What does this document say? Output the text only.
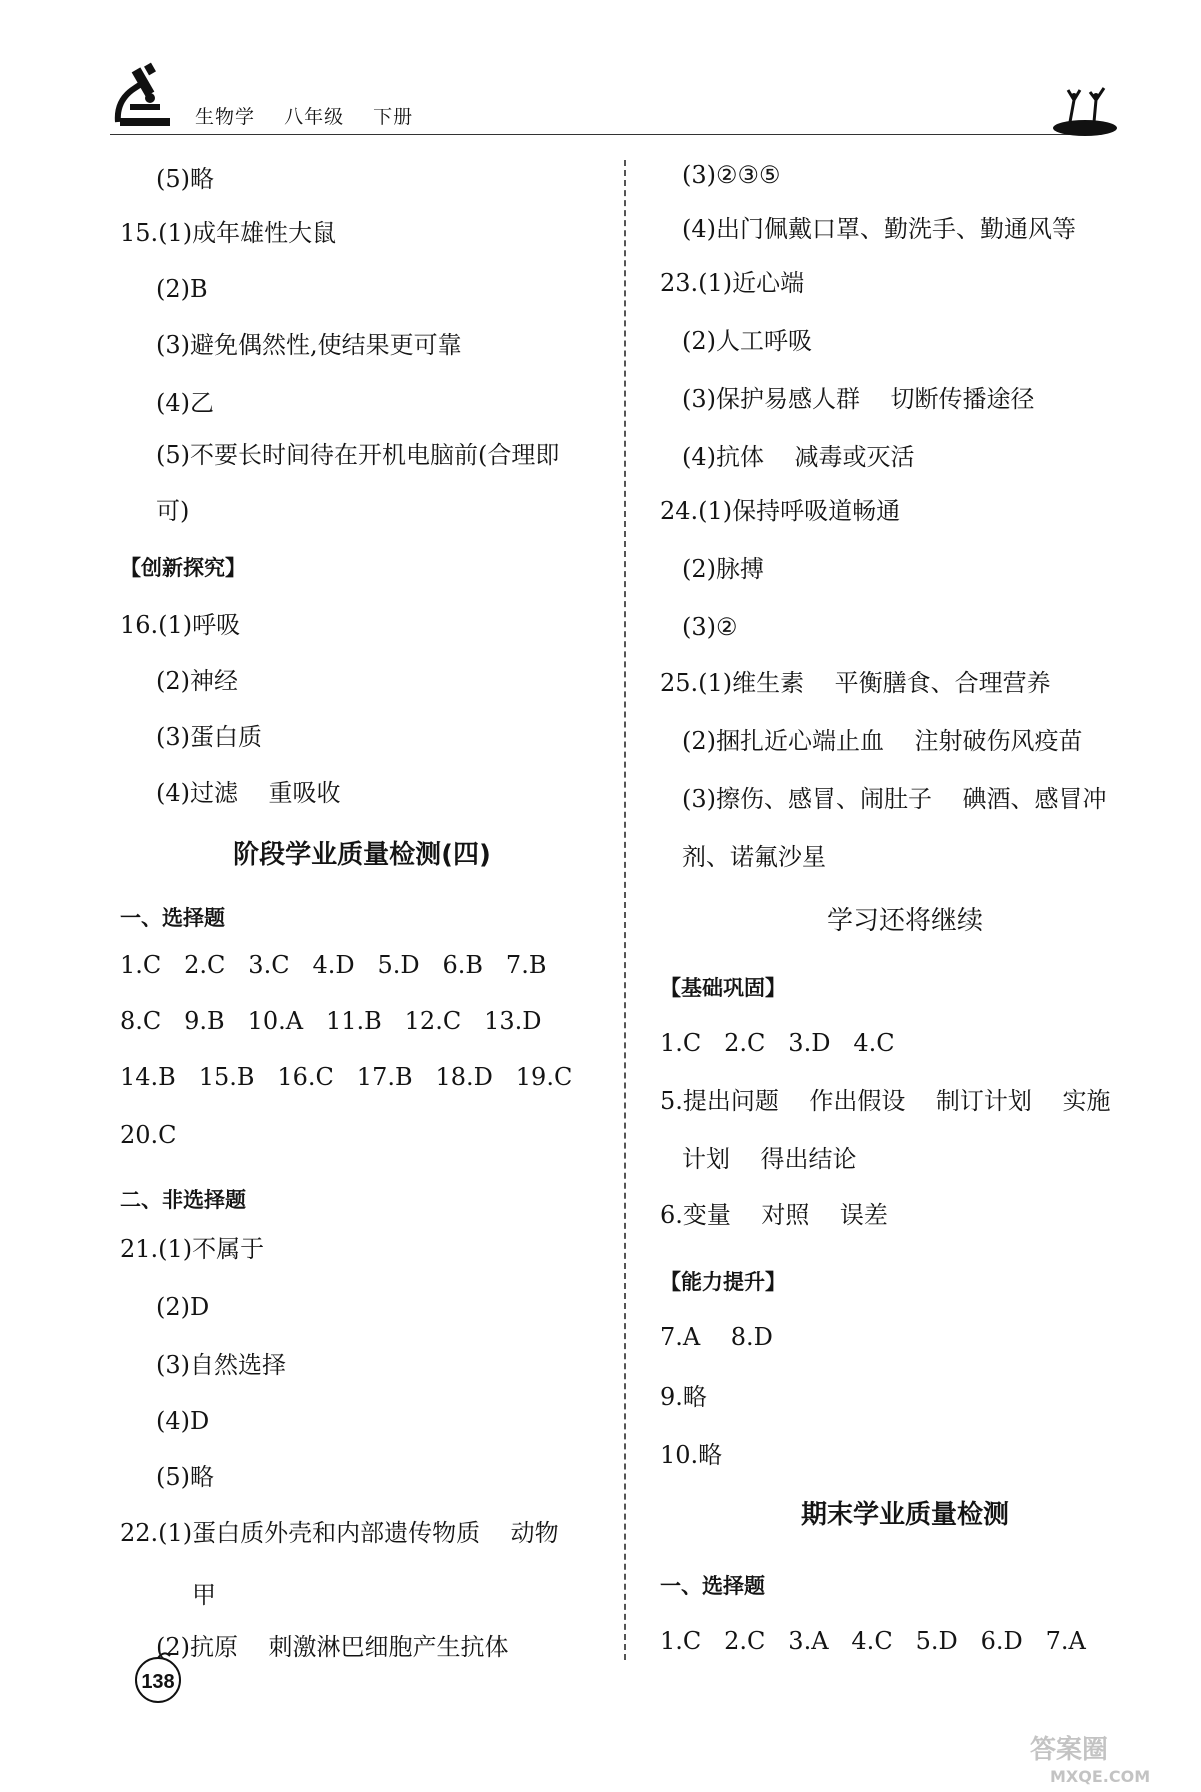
生物学 八年级 下册
(5)略
15.(1)成年雄性大鼠
(2)B
(3)避免偶然性,使结果更可靠
(4)乙
(5)不要长时间待在开机电脑前(合理即
可)
【创新探究】
16.(1)呼吸
(2)神经
(3)蛋白质
(4)过滤    重吸收
阶段学业质量检测(四)
一、选择题
1.C   2.C   3.C   4.D   5.D   6.B   7.B
8.C   9.B   10.A   11.B   12.C   13.D
14.B   15.B   16.C   17.B   18.D   19.C
20.C
二、非选择题
21.(1)不属于
(2)D
(3)自然选择
(4)D
(5)略
22.(1)蛋白质外壳和内部遗传物质    动物
甲
(2)抗原    刺激淋巴细胞产生抗体
(3)②③⑤
(4)出门佩戴口罩、勤洗手、勤通风等
23.(1)近心端
(2)人工呼吸
(3)保护易感人群    切断传播途径
(4)抗体    减毒或灭活
24.(1)保持呼吸道畅通
(2)脉搏
(3)②
25.(1)维生素    平衡膳食、合理营养
(2)捆扎近心端止血    注射破伤风疫苗
(3)擦伤、感冒、闹肚子    碘酒、感冒冲
剂、诺氟沙星
学习还将继续
【基础巩固】
1.C   2.C   3.D   4.C
5.提出问题    作出假设    制订计划    实施
计划    得出结论
6.变量    对照    误差
【能力提升】
7.A    8.D
9.略
10.略
期末学业质量检测
一、选择题
1.C   2.C   3.A   4.C   5.D   6.D   7.A
138
答案圈
MXQE.COM
